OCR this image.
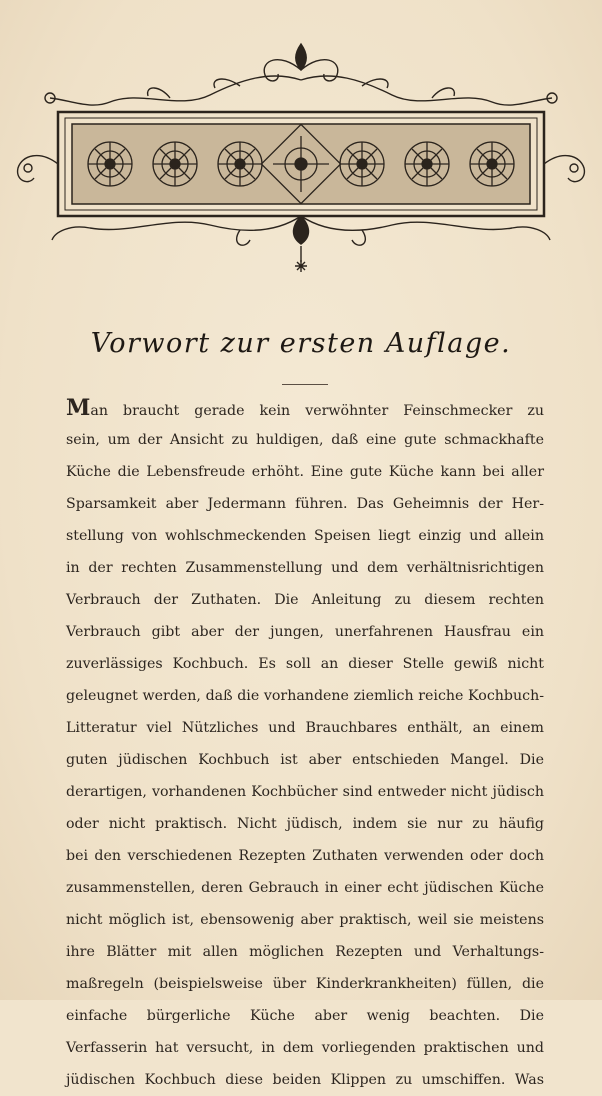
Vorwort zur ersten Auflage.
Man braucht gerade kein verwöhnter Feinschmecker zu
sein, um der Ansicht zu huldigen, daß eine gute schmackhafte
Küche die Lebensfreude erhöht. Eine gute Küche kann bei aller
Sparsamkeit aber Jedermann führen. Das Geheimnis der Her-
stellung von wohlschmeckenden Speisen liegt einzig und allein
in der rechten Zusammenstellung und dem verhältnisrichtigen
Verbrauch der Zuthaten. Die Anleitung zu diesem rechten
Verbrauch gibt aber der jungen, unerfahrenen Hausfrau ein
zuverlässiges Kochbuch. Es soll an dieser Stelle gewiß nicht
geleugnet werden, daß die vorhandene ziemlich reiche Kochbuch-
Litteratur viel Nützliches und Brauchbares enthält, an einem
guten jüdischen Kochbuch ist aber entschieden Mangel. Die
derartigen, vorhandenen Kochbücher sind entweder nicht jüdisch
oder nicht praktisch. Nicht jüdisch, indem sie nur zu häufig
bei den verschiedenen Rezepten Zuthaten verwenden oder doch
zusammenstellen, deren Gebrauch in einer echt jüdischen Küche
nicht möglich ist, ebensowenig aber praktisch, weil sie meistens
ihre Blätter mit allen möglichen Rezepten und Verhaltungs-
maßregeln (beispielsweise über Kinderkrankheiten) füllen, die
einfache bürgerliche Küche aber wenig beachten. Die
Verfasserin hat versucht, in dem vorliegenden praktischen und
jüdischen Kochbuch diese beiden Klippen zu umschiffen. Was
